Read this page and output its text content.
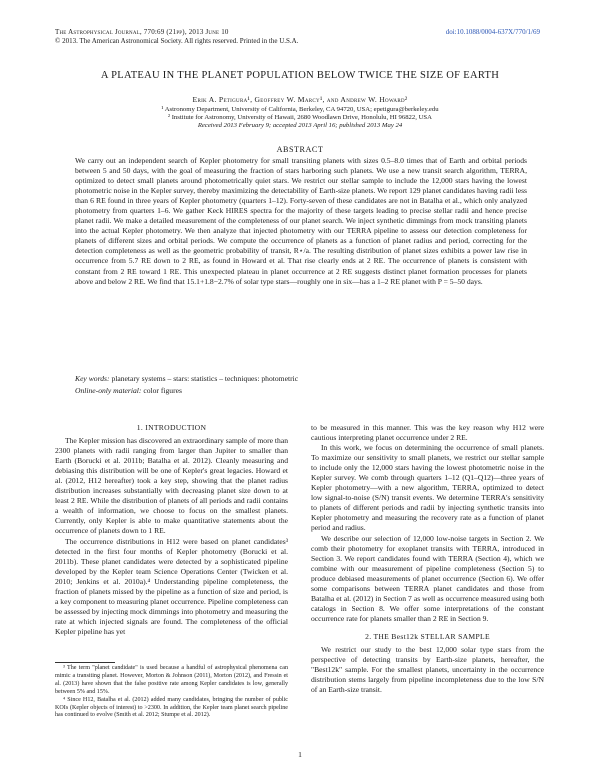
The Astrophysical Journal, 770:69 (21pp), 2013 June 10
© 2013. The American Astronomical Society. All rights reserved. Printed in the U.S.A.
doi:10.1088/0004-637X/770/1/69
A PLATEAU IN THE PLANET POPULATION BELOW TWICE THE SIZE OF EARTH
Erik A. Petigura¹, Geoffrey W. Marcy¹, and Andrew W. Howard²
¹ Astronomy Department, University of California, Berkeley, CA 94720, USA; epetigura@berkeley.edu
² Institute for Astronomy, University of Hawaii, 2680 Woodlawn Drive, Honolulu, HI 96822, USA
Received 2013 February 9; accepted 2013 April 16; published 2013 May 24
ABSTRACT
We carry out an independent search of Kepler photometry for small transiting planets with sizes 0.5–8.0 times that of Earth and orbital periods between 5 and 50 days, with the goal of measuring the fraction of stars harboring such planets. We use a new transit search algorithm, TERRA, optimized to detect small planets around photometrically quiet stars. We restrict our stellar sample to include the 12,000 stars having the lowest photometric noise in the Kepler survey, thereby maximizing the detectability of Earth-size planets. We report 129 planet candidates having radii less than 6 RE found in three years of Kepler photometry (quarters 1–12). Forty-seven of these candidates are not in Batalha et al., which only analyzed photometry from quarters 1–6. We gather Keck HIRES spectra for the majority of these targets leading to precise stellar radii and hence precise planet radii. We make a detailed measurement of the completeness of our planet search. We inject synthetic dimmings from mock transiting planets into the actual Kepler photometry. We then analyze that injected photometry with our TERRA pipeline to assess our detection completeness for planets of different sizes and orbital periods. We compute the occurrence of planets as a function of planet radius and period, correcting for the detection completeness as well as the geometric probability of transit, R⋆/a. The resulting distribution of planet sizes exhibits a power law rise in occurrence from 5.7 RE down to 2 RE, as found in Howard et al. That rise clearly ends at 2 RE. The occurrence of planets is consistent with constant from 2 RE toward 1 RE. This unexpected plateau in planet occurrence at 2 RE suggests distinct planet formation processes for planets above and below 2 RE. We find that 15.1+1.8−2.7% of solar type stars—roughly one in six—has a 1–2 RE planet with P = 5–50 days.
Key words: planetary systems – stars: statistics – techniques: photometric
Online-only material: color figures

1. INTRODUCTION

The Kepler mission has discovered an extraordinary sample of more than 2300 planets with radii ranging from larger than Jupiter to smaller than Earth (Borucki et al. 2011b; Batalha et al. 2012). Cleanly measuring and debiasing this distribution will be one of Kepler's great legacies. Howard et al. (2012, H12 hereafter) took a key step, showing that the planet radius distribution increases substantially with decreasing planet size down to at least 2 RE. While the distribution of planets of all periods and radii contains a wealth of information, we choose to focus on the smallest planets. Currently, only Kepler is able to make quantitative statements about the occurrence of planets down to 1 RE.

The occurrence distributions in H12 were based on planet candidates³ detected in the first four months of Kepler photometry (Borucki et al. 2011b). These planet candidates were detected by a sophisticated pipeline developed by the Kepler team Science Operations Center (Twicken et al. 2010; Jenkins et al. 2010a).⁴ Understanding pipeline completeness, the fraction of planets missed by the pipeline as a function of size and period, is a key component to measuring planet occurrence. Pipeline completeness can be assessed by injecting mock dimmings into photometry and measuring the rate at which injected signals are found. The completeness of the official Kepler pipeline has yet

to be measured in this manner. This was the key reason why H12 were cautious interpreting planet occurrence under 2 RE.

In this work, we focus on determining the occurrence of small planets. To maximize our sensitivity to small planets, we restrict our stellar sample to include only the 12,000 stars having the lowest photometric noise in the Kepler survey. We comb through quarters 1–12 (Q1–Q12)—three years of Kepler photometry—with a new algorithm, TERRA, optimized to detect low signal-to-noise (S/N) transit events. We determine TERRA's sensitivity to planets of different periods and radii by injecting synthetic transits into Kepler photometry and measuring the recovery rate as a function of planet period and radius.

We describe our selection of 12,000 low-noise targets in Section 2. We comb their photometry for exoplanet transits with TERRA, introduced in Section 3. We report candidates found with TERRA (Section 4), which we combine with our measurement of pipeline completeness (Section 5) to produce debiased measurements of planet occurrence (Section 6). We offer some comparisons between TERRA planet candidates and those from Batalha et al. (2012) in Section 7 as well as occurrence measured using both catalogs in Section 8. We offer some interpretations of the constant occurrence rate for planets smaller than 2 RE in Section 9.

2. THE Best12k STELLAR SAMPLE

We restrict our study to the best 12,000 solar type stars from the perspective of detecting transits by Earth-size planets, hereafter, the "Best12k" sample. For the smallest planets, uncertainty in the occurrence distribution stems largely from pipeline incompleteness due to the low S/N of an Earth-size transit.

³ The term "planet candidate" is used because a handful of astrophysical phenomena can mimic a transiting planet. However, Morton & Johnson (2011), Morton (2012), and Fressin et al. (2013) have shown that the false positive rate among Kepler candidates is low, generally between 5% and 15%.

⁴ Since H12, Batalha et al. (2012) added many candidates, bringing the number of public KOIs (Kepler objects of interest) to >2300. In addition, the Kepler team planet search pipeline has continued to evolve (Smith et al. 2012; Stumpe et al. 2012).

1
